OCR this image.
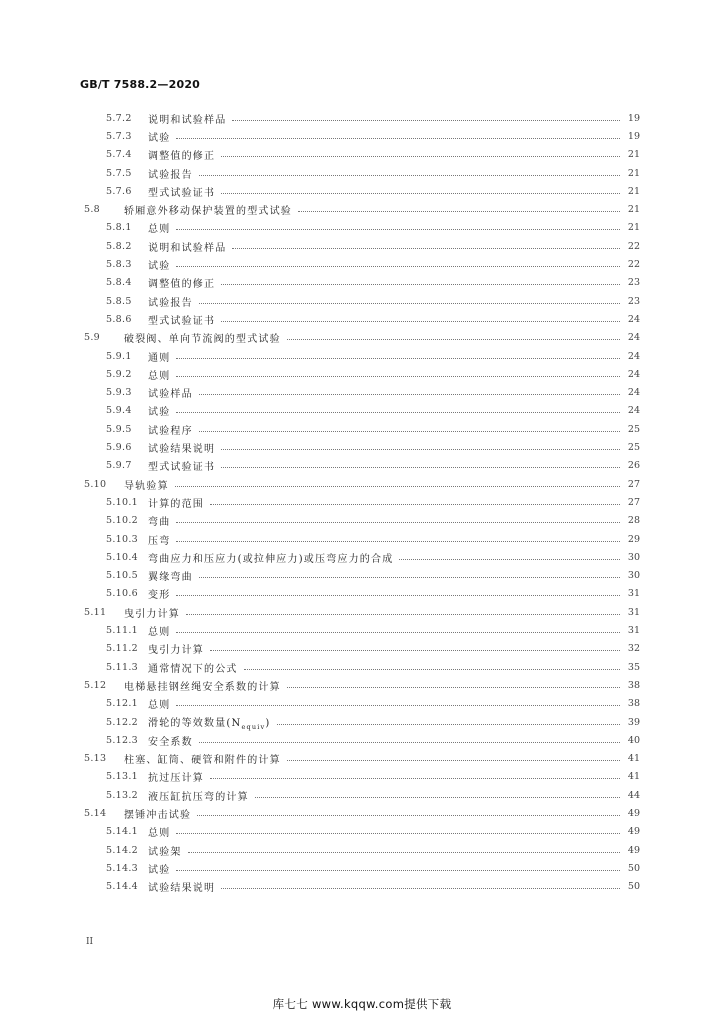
GB/T 7588.2—2020
5.7.2	说明和试验样品	19
5.7.3	试验	19
5.7.4	调整值的修正	21
5.7.5	试验报告	21
5.7.6	型式试验证书	21
5.8	轿厢意外移动保护装置的型式试验	21
5.8.1	总则	21
5.8.2	说明和试验样品	22
5.8.3	试验	22
5.8.4	调整值的修正	23
5.8.5	试验报告	23
5.8.6	型式试验证书	24
5.9	破裂阀、单向节流阀的型式试验	24
5.9.1	通则	24
5.9.2	总则	24
5.9.3	试验样品	24
5.9.4	试验	24
5.9.5	试验程序	25
5.9.6	试验结果说明	25
5.9.7	型式试验证书	26
5.10	导轨验算	27
5.10.1 计算的范围	27
5.10.2 弯曲	28
5.10.3 压弯	29
5.10.4 弯曲应力和压应力(或拉伸应力)或压弯应力的合成	30
5.10.5 翼缘弯曲	30
5.10.6 变形	31
5.11	曳引力计算	31
5.11.1 总则	31
5.11.2 曳引力计算	32
5.11.3 通常情况下的公式	35
5.12	电梯悬挂钢丝绳安全系数的计算	38
5.12.1 总则	38
5.12.2 滑轮的等效数量$(N_{equiv})$	39
5.12.3 安全系数	40
5.13	柱塞、缸筒、硬管和附件的计算	41
5.13.1 抗过压计算	41
5.13.2 液压缸抗压弯的计算	44
5.14	摆锤冲击试验	49
5.14.1 总则	49
5.14.2 试验架	49
5.14.3 试验	50
5.14.4 试验结果说明	50
II
库七七 www.kqqw.com提供下载
